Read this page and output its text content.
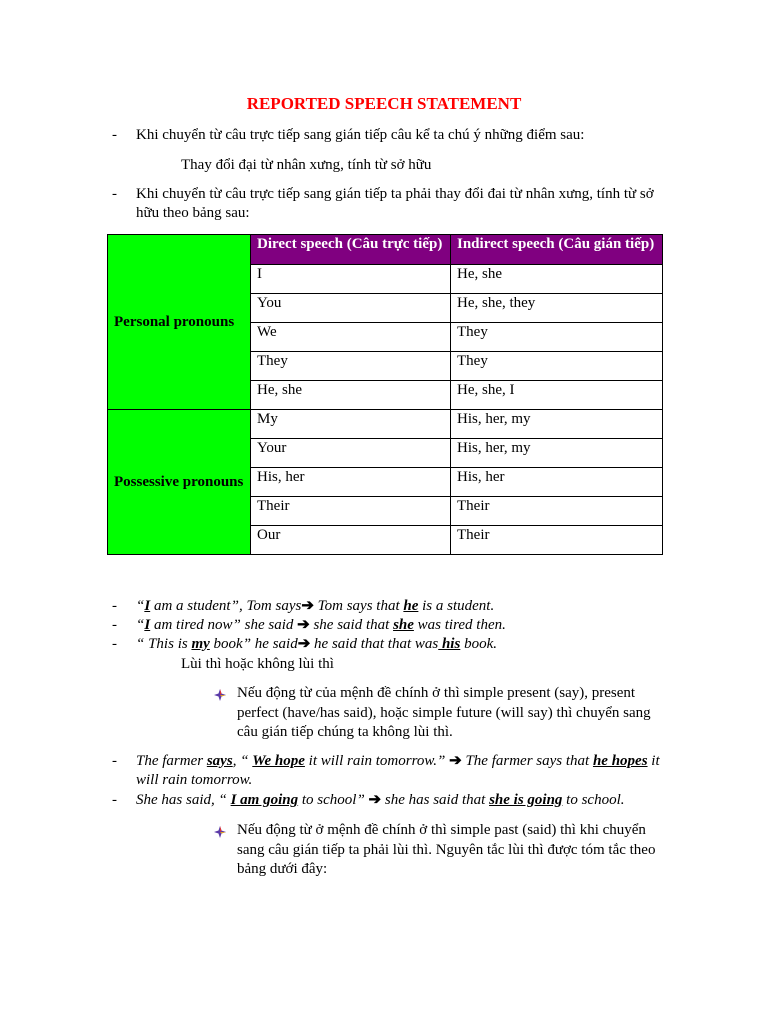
REPORTED SPEECH STATEMENT
- Khi chuyển từ câu trực tiếp sang gián tiếp câu kể ta chú ý những điểm sau:
Thay đổi đại từ nhân xưng, tính từ sở hữu
- Khi chuyển từ câu trực tiếp sang gián tiếp ta phải thay đổi đai từ nhân xưng, tính từ sở hữu theo bảng sau:
Personal pronouns	Direct speech (Câu trực tiếp)	Indirect speech (Câu gián tiếp)
	I	He, she
	You	He, she, they
	We	They
	They	They
	He, she	He, she, I
Possessive pronouns	My	His, her, my
	Your	His, her, my
	His, her	His, her
	Their	Their
	Our	Their
- “I am a student”, Tom says➔ Tom says that he is a student.
- “I am tired now” she said ➔ she said that she was tired then.
- “ This is my book” he said➔ he said that that was his book.
Lùi thì hoặc không lùi thì
Nếu động từ của mệnh đề chính ở thì simple present (say), present perfect (have/has said), hoặc simple future (will say) thì chuyển sang câu gián tiếp chúng ta không lùi thì.
- The farmer says, “ We hope it will rain tomorrow.” ➔ The farmer says that he hopes it will rain tomorrow.
- She has said, “ I am going to school” ➔ she has said that she is going to school.
Nếu động từ ở mệnh đề chính ở thì simple past (said) thì khi chuyển sang câu gián tiếp ta phải lùi thì. Nguyên tắc lùi thì được tóm tắc theo bảng dưới đây:
